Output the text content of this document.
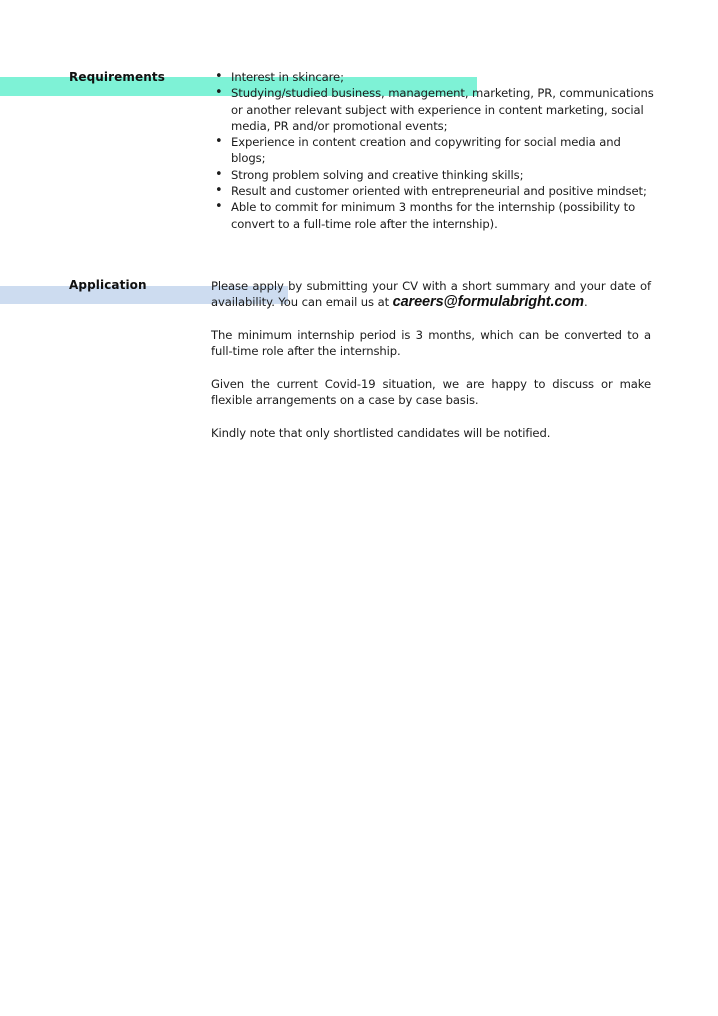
Requirements
•	Interest in skincare;
• Studying/studied business, management, marketing, PR, communications or another relevant subject with experience in content marketing, social media, PR and/or promotional events;
• Experience in content creation and copywriting for social media and blogs;
• Strong problem solving and creative thinking skills;
• Result and customer oriented with entrepreneurial and positive mindset;
• Able to commit for minimum 3 months for the internship (possibility to convert to a full-time role after the internship).
Application	Please apply by submitting your CV with a short summary and your date of availability. You can email us at careers@formulabright.com.

The minimum internship period is 3 months, which can be converted to a full-time role after the internship.

Given the current Covid-19 situation, we are happy to discuss or make flexible arrangements on a case by case basis.

Kindly note that only shortlisted candidates will be notified.
